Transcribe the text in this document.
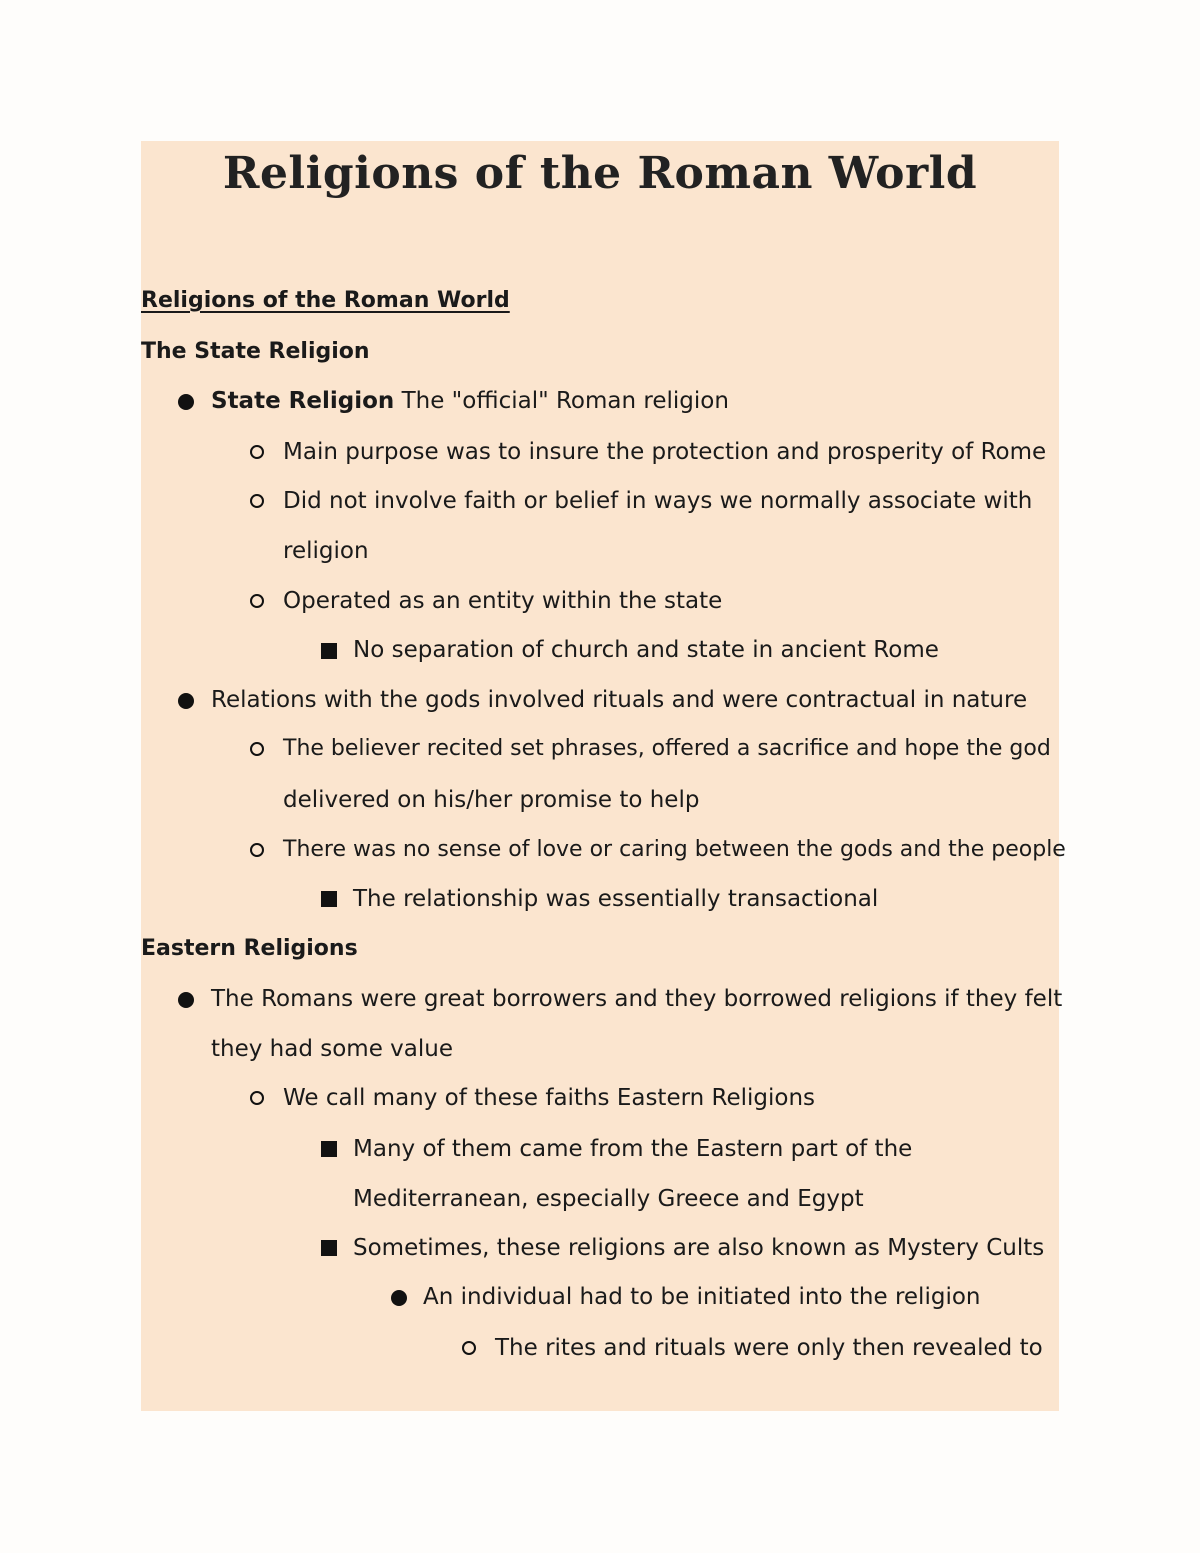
Religions of the Roman World
Religions of the Roman World
The State Religion
State Religion The "official" Roman religion
Main purpose was to insure the protection and prosperity of Rome
Did not involve faith or belief in ways we normally associate with
religion
Operated as an entity within the state
No separation of church and state in ancient Rome
Relations with the gods involved rituals and were contractual in nature
The believer recited set phrases, offered a sacrifice and hope the god
delivered on his/her promise to help
There was no sense of love or caring between the gods and the people
The relationship was essentially transactional
Eastern Religions
The Romans were great borrowers and they borrowed religions if they felt
they had some value
We call many of these faiths Eastern Religions
Many of them came from the Eastern part of the
Mediterranean, especially Greece and Egypt
Sometimes, these religions are also known as Mystery Cults
An individual had to be initiated into the religion
The rites and rituals were only then revealed to
